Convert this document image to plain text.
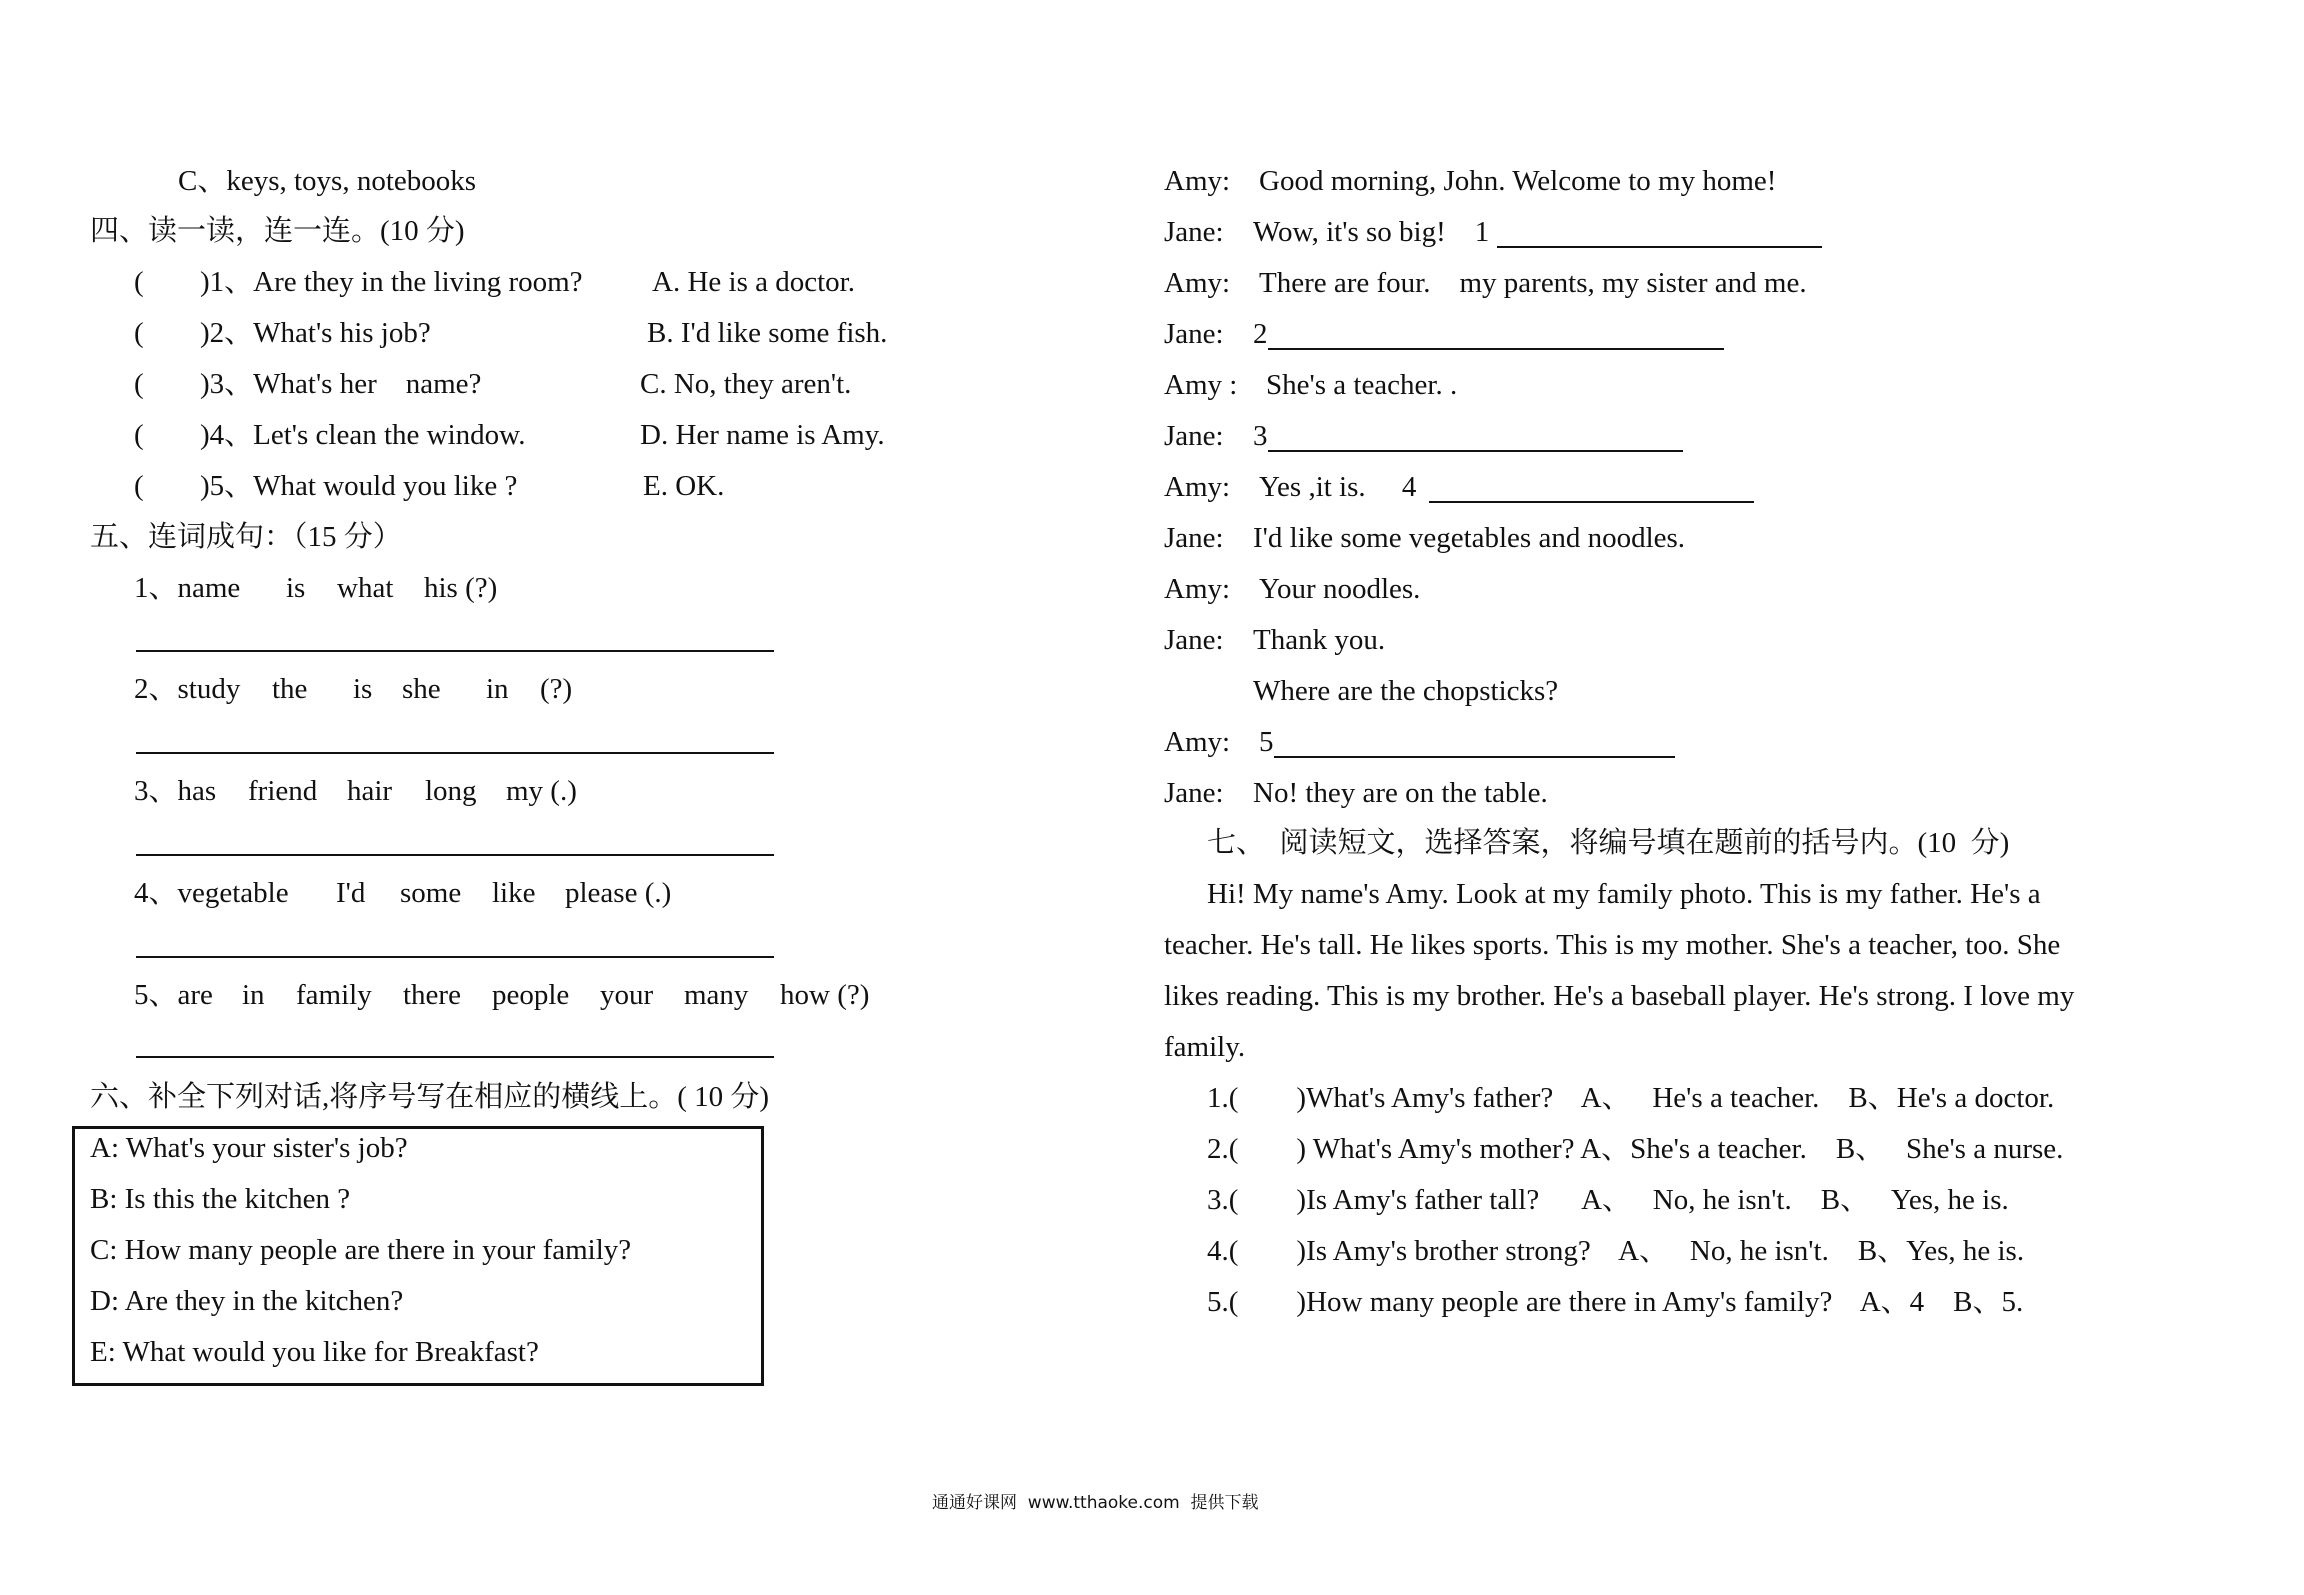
C、keys, toys, notebooks
四、读一读，连一连。(10 分)
( )1、Are they in the living room? A. He is a doctor.
( )2、What's his job?	B. I'd like some fish.
( )3、What's her    name?	C. No, they aren't.
( )4、Let's clean the window.	D. Her name is Amy.
( )5、What would you like ?	E. OK.
五、连词成句：（15 分）
1、name is what his (?)
2、study the is she in (?)
3、has friend hair long my (.)
4、vegetable I'd some like please (.)
5、are in family there people your many how (?)
六、补全下列对话,将序号写在相应的横线上。( 10 分)
A: What's your sister's job?
B: Is this the kitchen ?
C: How many people are there in your family?
D: Are they in the kitchen?
E: What would you like for Breakfast?
Amy: Good morning, John. Welcome to my home!
Jane: Wow, it's so big!    1
Amy: There are four.    my parents, my sister and me.
Jane: 2
Amy : She's a teacher. .
Jane: 3
Amy: Yes ,it is.     4
Jane: I'd like some vegetables and noodles.
Amy: Your noodles.
Jane: Thank you.
Where are the chopsticks?
Amy: 5
Jane: No! they are on the table.
七、  阅读短文，选择答案，将编号填在题前的括号内。(10  分)
Hi! My name's Amy. Look at my family photo. This is my father. He's a
teacher. He's tall. He likes sports. This is my mother. She's a teacher, too. She
likes reading. This is my brother. He's a baseball player. He's strong. I love my
family.
1.(        )What's Amy's father?    A、   He's a teacher.    B、He's a doctor.
2.(        ) What's Amy's mother? A、She's a teacher.    B、   She's a nurse.
3.(        )Is Amy's father tall?      A、   No, he isn't.    B、   Yes, he is.
4.(        )Is Amy's brother strong?    A、   No, he isn't.    B、Yes, he is.
5.(        )How many people are there in Amy's family?    A、4    B、5.
通通好课网  www.tthaoke.com  提供下载
